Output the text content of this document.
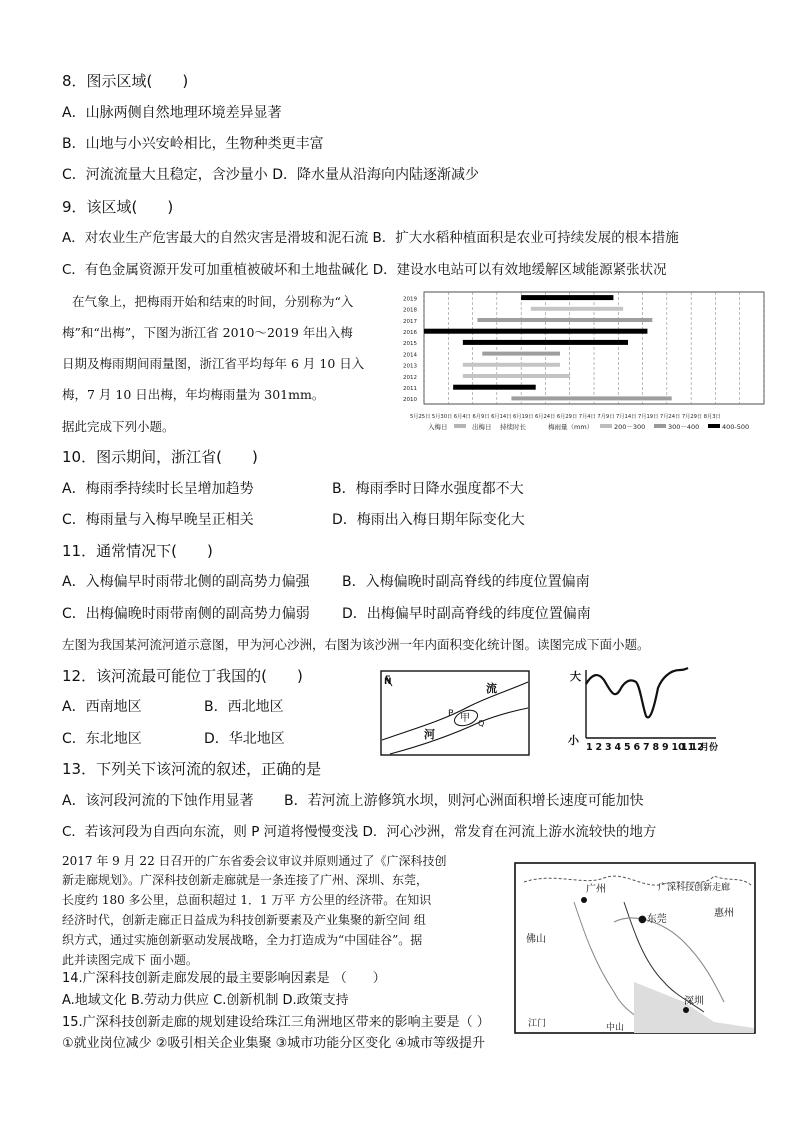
8．图示区域(　　)
A．山脉两侧自然地理环境差异显著
B．山地与小兴安岭相比，生物种类更丰富
C．河流流量大且稳定，含沙量小 D．降水量从沿海向内陆逐渐减少
9．该区域(　　)
A．对农业生产危害最大的自然灾害是滑坡和泥石流 B．扩大水稻种植面积是农业可持续发展的根本措施
C．有色金属资源开发可加重植被破坏和土地盐碱化 D．建设水电站可以有效地缓解区域能源紧张状况
在气象上，把梅雨开始和结束的时间，分别称为“入
梅”和“出梅”，下图为浙江省 2010～2019 年出入梅
日期及梅雨期间雨量图，浙江省平均每年 6 月 10 日入
梅，7 月 10 日出梅，年均梅雨量为 301mm。
据此完成下列小题。
2019
2018
2017
2016
2015
2014
2013
2012
2011
2010
5月25日 5月30日 6月4日 6月9日 6月14日 6月19日 6月24日 6月29日 7月4日 7月9日 7月14日 7月19日 7月24日 7月29日 8月3日
入梅日	出梅日 持续时长	梅雨量（mm）	200－300	300－400	400-500
10．图示期间，浙江省(　　)
A．梅雨季持续时长呈增加趋势	B．梅雨季时日降水强度都不大
C．梅雨量与入梅早晚呈正相关	D．梅雨出入梅日期年际变化大
11．通常情况下(　　)
A．入梅偏早时雨带北侧的副高势力偏强 B．入梅偏晚时副高脊线的纬度位置偏南
C．出梅偏晚时雨带南侧的副高势力偏弱 D．出梅偏早时副高脊线的纬度位置偏南
左图为我国某河流河道示意图，甲为河心沙洲，右图为该沙洲一年内面积变化统计图。读图完成下面小题。
12．该河流最可能位丁我国的(　　)
A．西南地区	B．西北地区
C．东北地区	D．华北地区
N
P 甲 Q
流
河
大
小
1 2 3 4 5 6 7 8 9 10
11
12
月份
13．下列关下该河流的叙述，正确的是
A．该河段河流的下蚀作用显著 B．若河流上游修筑水坝，则河心洲面积增长速度可能加快
C．若该河段为自西向东流，则 P 河道将慢慢变浅 D．河心沙洲，常发育在河流上游水流较快的地方
2017 年 9 月 22 日召开的广东省委会议审议并原则通过了《广深科技创
新走廊规划》。广深科技创新走廊就是一条连接了广州、深圳、东莞，
长度约 180 多公里，总面积超过 1．1 万平 方公里的经济带。在知识
经济时代，创新走廊正日益成为科技创新要素及产业集聚的新空间 组
织方式，通过实施创新驱动发展战略，全力打造成为“中国硅谷”。据
此并读图完成下 面小题。
广州	广深科技创新走廊
●东莞
惠州
佛山
江门	中山
深圳
14.广深科技创新走廊发展的最主要影响因素是 （　　）
A.地域文化 B.劳动力供应 C.创新机制 D.政策支持
15.广深科技创新走廊的规划建设给珠江三角洲地区带来的影响主要是（ ）
①就业岗位减少 ②吸引相关企业集聚 ③城市功能分区变化 ④城市等级提升
